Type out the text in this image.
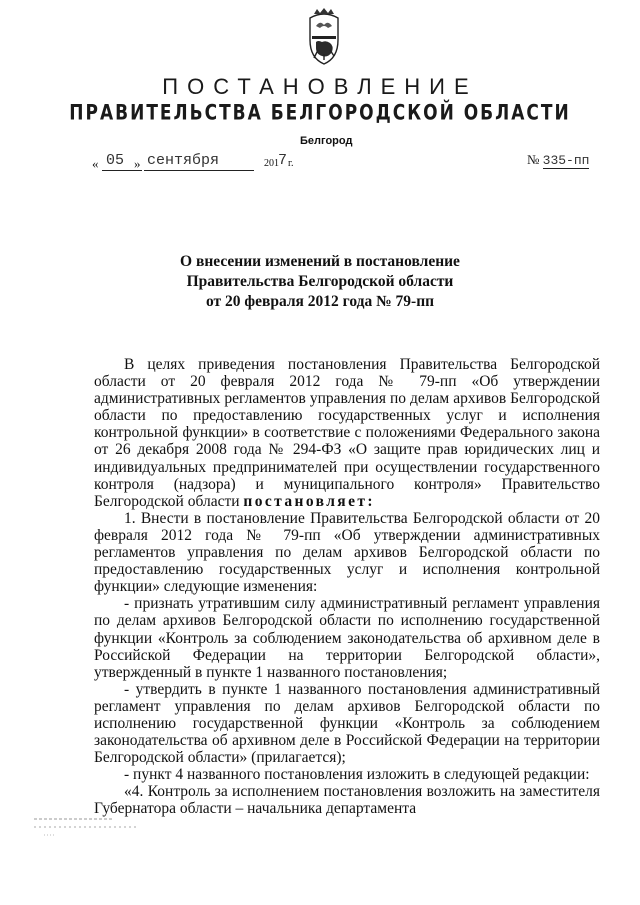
ПОСТАНОВЛЕНИЕ
ПРАВИТЕЛЬСТВА БЕЛГОРОДСКОЙ ОБЛАСТИ
Белгород
« 05 » сентября	201 7 г.	№ 335-пп
О внесении изменений в постановление
Правительства Белгородской области
от 20 февраля 2012 года № 79-пп

В целях приведения постановления Правительства Белгородской области от 20 февраля 2012 года № 79-пп «Об утверждении административных регламентов управления по делам архивов Белгородской области по предоставлению государственных услуг и исполнения контрольной функции» в соответствие с положениями Федерального закона от 26 декабря 2008 года № 294-ФЗ «О защите прав юридических лиц и индивидуальных предпринимателей при осуществлении государственного контроля (надзора) и муниципального контроля» Правительство Белгородской области постановляет:

1. Внести в постановление Правительства Белгородской области от 20 февраля 2012 года № 79-пп «Об утверждении административных регламентов управления по делам архивов Белгородской области по предоставлению государственных услуг и исполнения контрольной функции» следующие изменения:

- признать утратившим силу административный регламент управления по делам архивов Белгородской области по исполнению государственной функции «Контроль за соблюдением законодательства об архивном деле в Российской Федерации на территории Белгородской области», утвержденный в пункте 1 названного постановления;

- утвердить в пункте 1 названного постановления административный регламент управления по делам архивов Белгородской области по исполнению государственной функции «Контроль за соблюдением законодательства об архивном деле в Российской Федерации на территории Белгородской области» (прилагается);

- пункт 4 названного постановления изложить в следующей редакции:

«4. Контроль за исполнением постановления возложить на заместителя Губернатора области – начальника департамента
